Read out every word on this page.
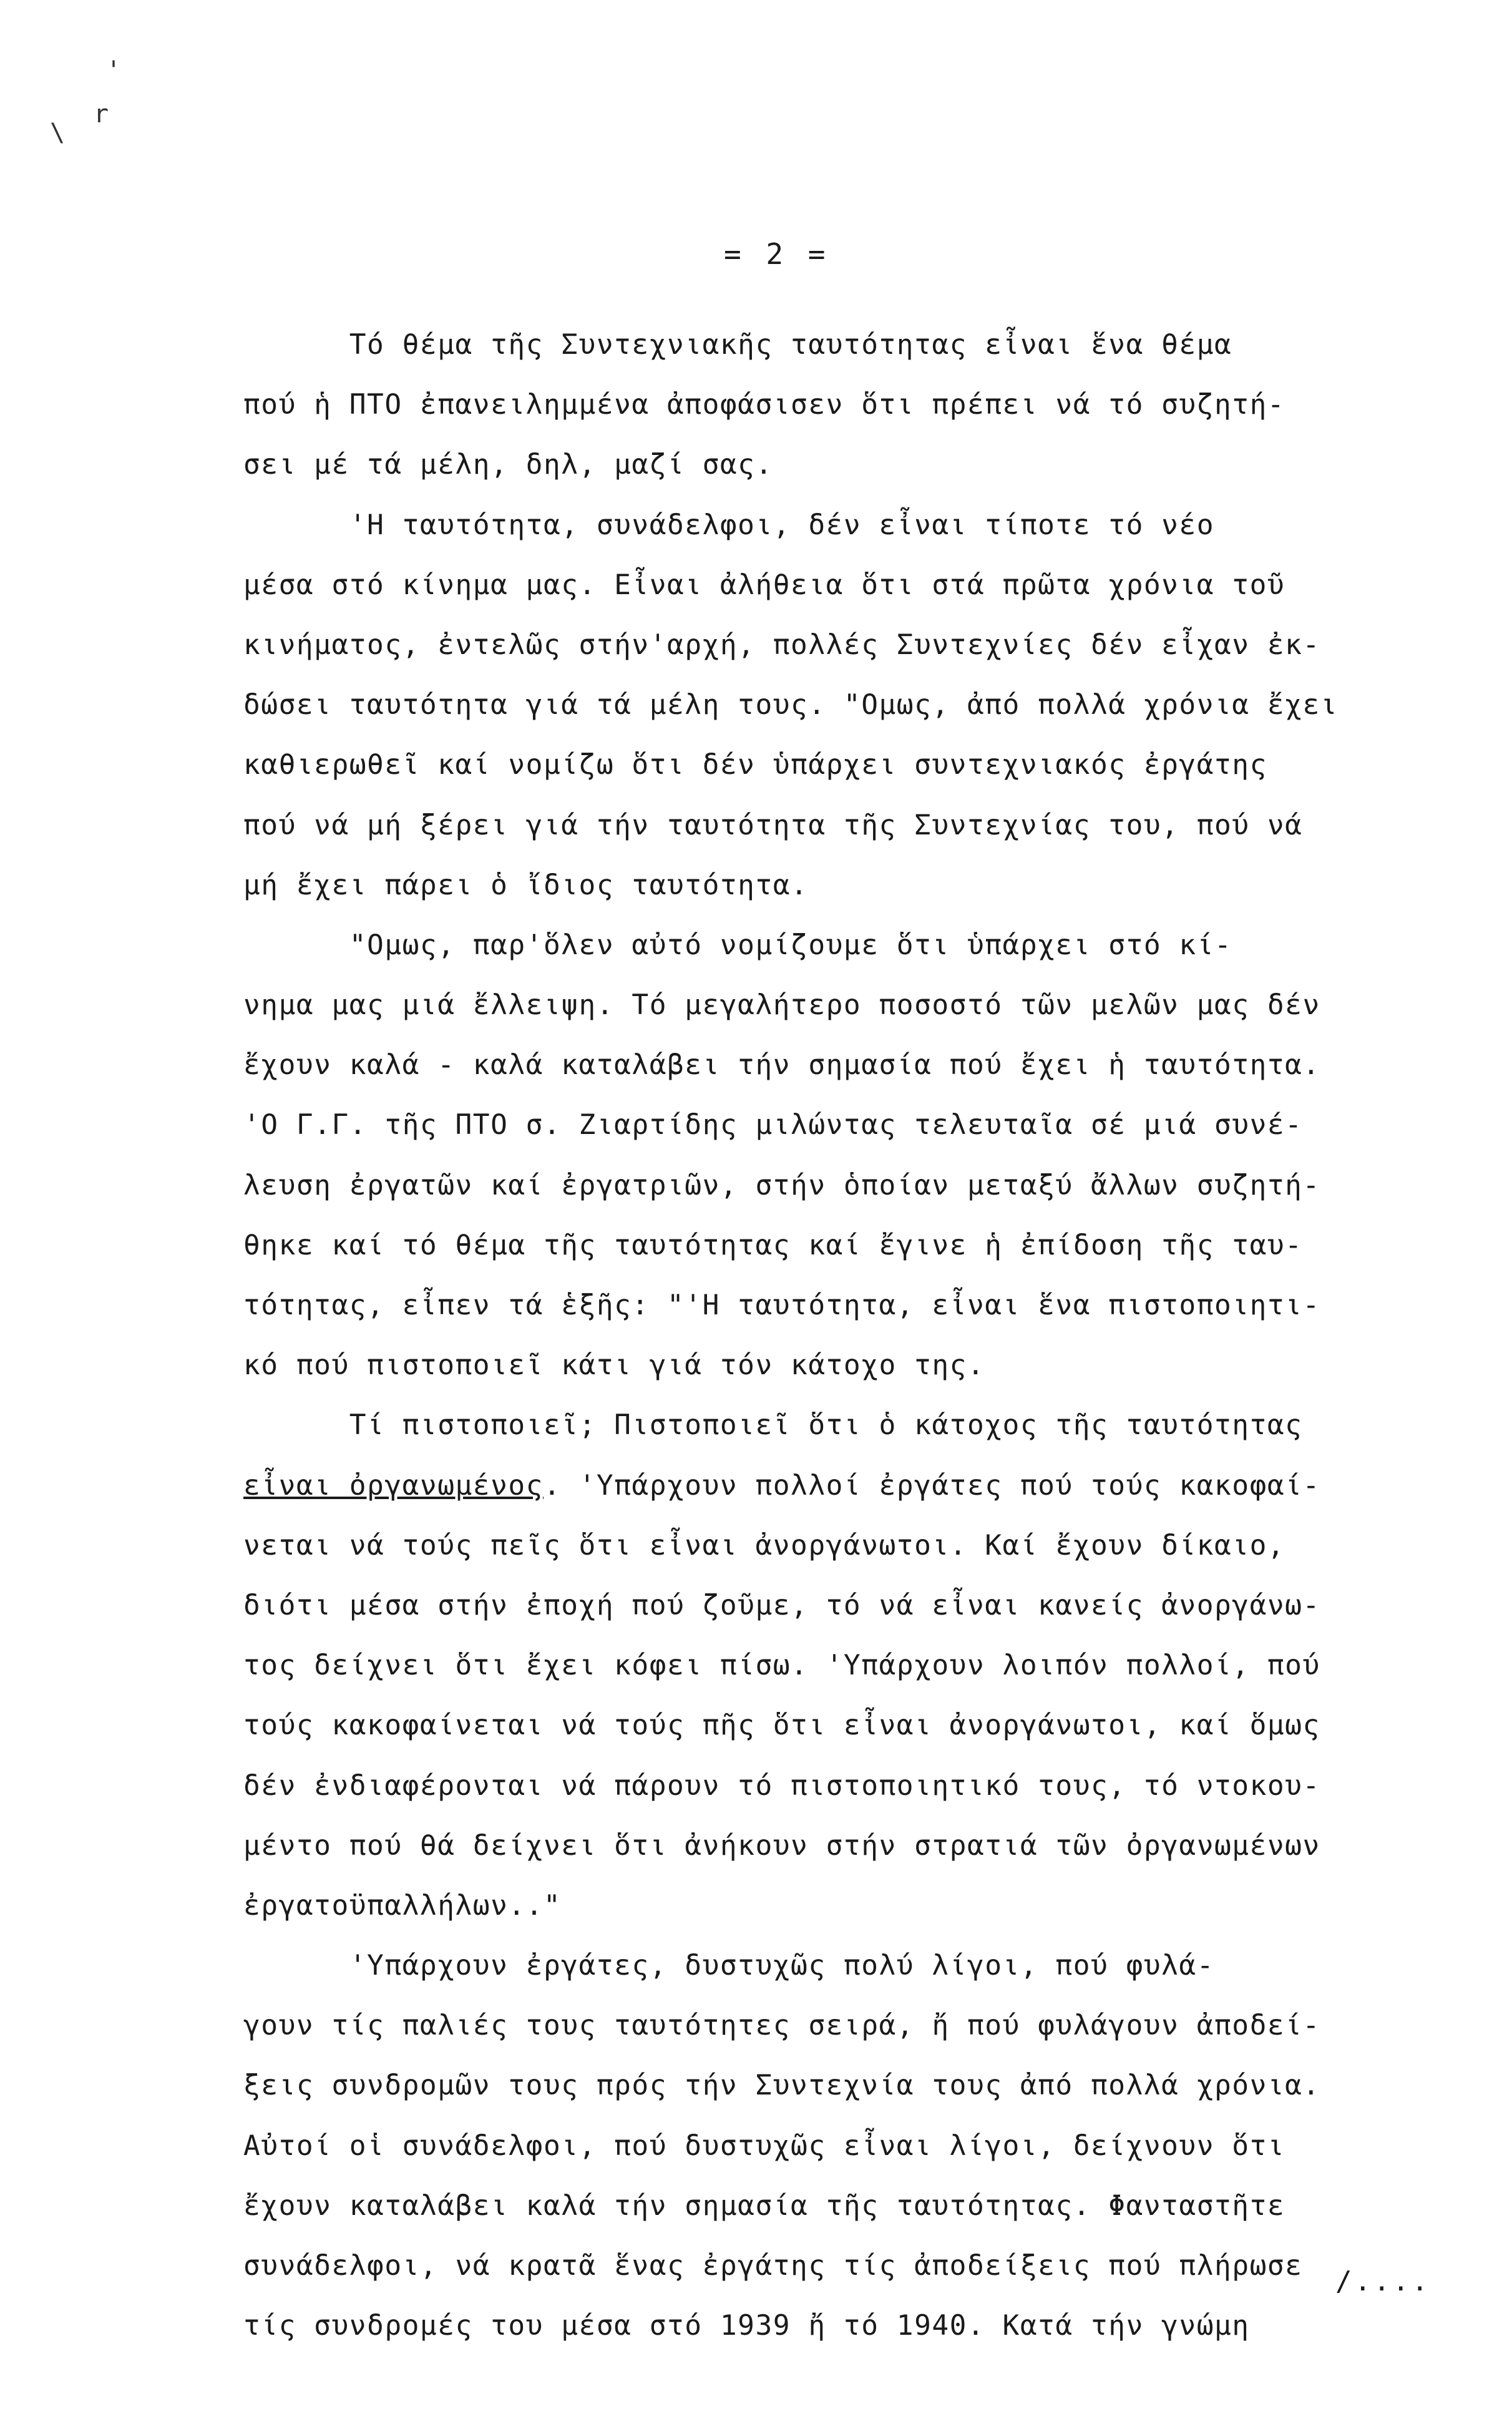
'
\
r
= 2 =
Τό θέμα τῆς Συντεχνιακῆς ταυτότητας εἶναι ἕνα θέμα
πού ἡ ΠΤΟ ἐπανειλημμένα ἀποφάσισεν ὅτι πρέπει νά τό συζητή-
σει μέ τά μέλη, δηλ, μαζί σας.
'Η ταυτότητα, συνάδελφοι, δέν εἶναι τίποτε τό νέο
μέσα στό κίνημα μας. Εἶναι ἀλήθεια ὅτι στά πρῶτα χρόνια τοῦ
κινήματος, ἐντελῶς στήν'αρχή, πολλές Συντεχνίες δέν εἶχαν ἐκ-
δώσει ταυτότητα γιά τά μέλη τους. "Ομως, ἀπό πολλά χρόνια ἔχει
καθιερωθεῖ καί νομίζω ὅτι δέν ὑπάρχει συντεχνιακός ἐργάτης
πού νά μή ξέρει γιά τήν ταυτότητα τῆς Συντεχνίας του, πού νά
μή ἔχει πάρει ὁ ἴδιος ταυτότητα.
"Ομως, παρ'ὅλεν αὐτό νομίζουμε ὅτι ὑπάρχει στό κί-
νημα μας μιά ἔλλειψη. Τό μεγαλήτερο ποσοστό τῶν μελῶν μας δέν
ἔχουν καλά - καλά καταλάβει τήν σημασία πού ἔχει ἡ ταυτότητα.
'Ο Γ.Γ. τῆς ΠΤΟ σ. Ζιαρτίδης μιλώντας τελευταῖα σέ μιά συνέ-
λευση ἐργατῶν καί ἐργατριῶν, στήν ὁποίαν μεταξύ ἄλλων συζητή-
θηκε καί τό θέμα τῆς ταυτότητας καί ἔγινε ἡ ἐπίδοση τῆς ταυ-
τότητας, εἶπεν τά ἑξῆς: "'Η ταυτότητα, εἶναι ἕνα πιστοποιητι-
κό πού πιστοποιεῖ κάτι γιά τόν κάτοχο της.
Τί πιστοποιεῖ; Πιστοποιεῖ ὅτι ὁ κάτοχος τῆς ταυτότητας
εἶναι ὀργανωμένος. 'Υπάρχουν πολλοί ἐργάτες πού τούς κακοφαί-
νεται νά τούς πεῖς ὅτι εἶναι ἀνοργάνωτοι. Καί ἔχουν δίκαιο,
διότι μέσα στήν ἐποχή πού ζοῦμε, τό νά εἶναι κανείς ἀνοργάνω-
τος δείχνει ὅτι ἔχει κόφει πίσω. 'Υπάρχουν λοιπόν πολλοί, πού
τούς κακοφαίνεται νά τούς πῆς ὅτι εἶναι ἀνοργάνωτοι, καί ὅμως
δέν ἐνδιαφέρονται νά πάρουν τό πιστοποιητικό τους, τό ντοκου-
μέντο πού θά δείχνει ὅτι ἀνήκουν στήν στρατιά τῶν ὀργανωμένων
ἐργατοϋπαλλήλων.."
'Υπάρχουν ἐργάτες, δυστυχῶς πολύ λίγοι, πού φυλά-
γουν τίς παλιές τους ταυτότητες σειρά, ἤ πού φυλάγουν ἀποδεί-
ξεις συνδρομῶν τους πρός τήν Συντεχνία τους ἀπό πολλά χρόνια.
Αὐτοί οἱ συνάδελφοι, πού δυστυχῶς εἶναι λίγοι, δείχνουν ὅτι
ἔχουν καταλάβει καλά τήν σημασία τῆς ταυτότητας. Φανταστῆτε
συνάδελφοι, νά κρατᾶ ἕνας ἐργάτης τίς ἀποδείξεις πού πλήρωσε
τίς συνδρομές του μέσα στό 1939 ἤ τό 1940. Κατά τήν γνώμη
/....
